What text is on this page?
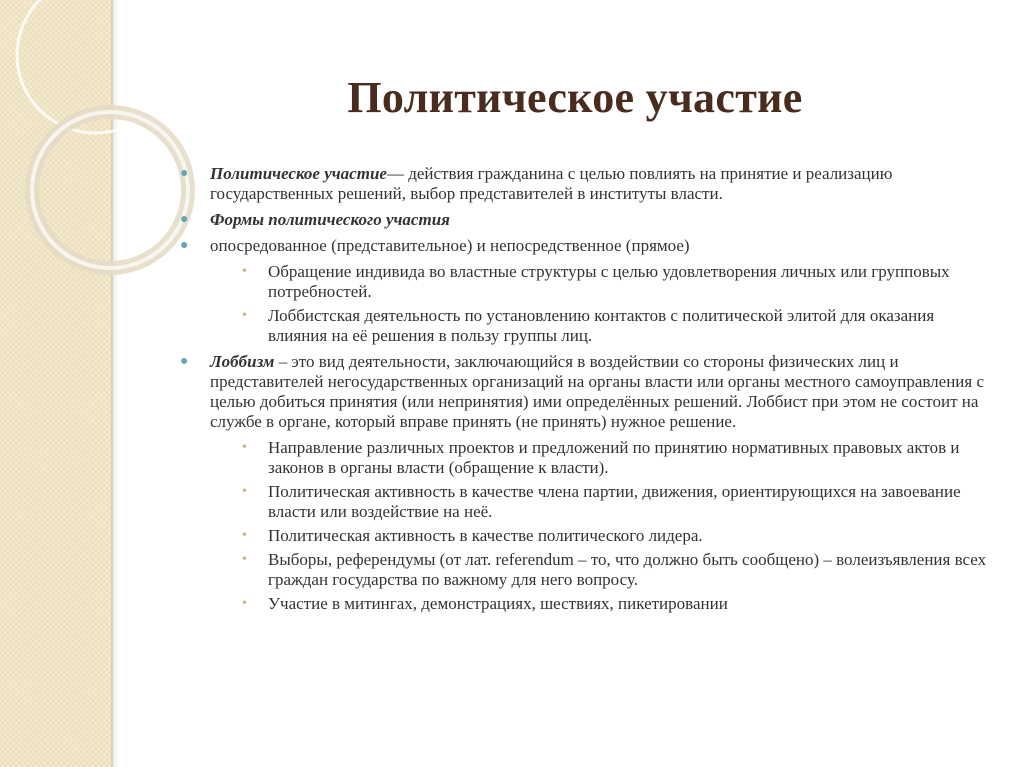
Политическое участие
● Политическое участие— действия гражданина с целью повлиять на принятие и реализацию государственных решений, выбор представителей в институты власти.
● Формы политического участия
● опосредованное (представительное) и непосредственное (прямое)
• Обращение индивида во властные структуры с целью удовлетворения личных или групповых потребностей.
• Лоббистская деятельность по установлению контактов с политической элитой для оказания влияния на её решения в пользу группы лиц.
● Лоббизм – это вид деятельности, заключающийся в воздействии со стороны физических лиц и представителей негосударственных организаций на органы власти или органы местного самоуправления с целью добиться принятия (или непринятия) ими определённых решений. Лоббист при этом не состоит на службе в органе, который вправе принять (не принять) нужное решение.
• Направление различных проектов и предложений по принятию нормативных правовых актов и законов в органы власти (обращение к власти).
• Политическая активность в качестве члена партии, движения, ориентирующихся на завоевание власти или воздействие на неё.
• Политическая активность в качестве политического лидера.
• Выборы, референдумы (от лат. referendum – то, что должно быть сообщено) – волеизъявления всех граждан государства по важному для него вопросу.
• Участие в митингах, демонстрациях, шествиях, пикетировании
